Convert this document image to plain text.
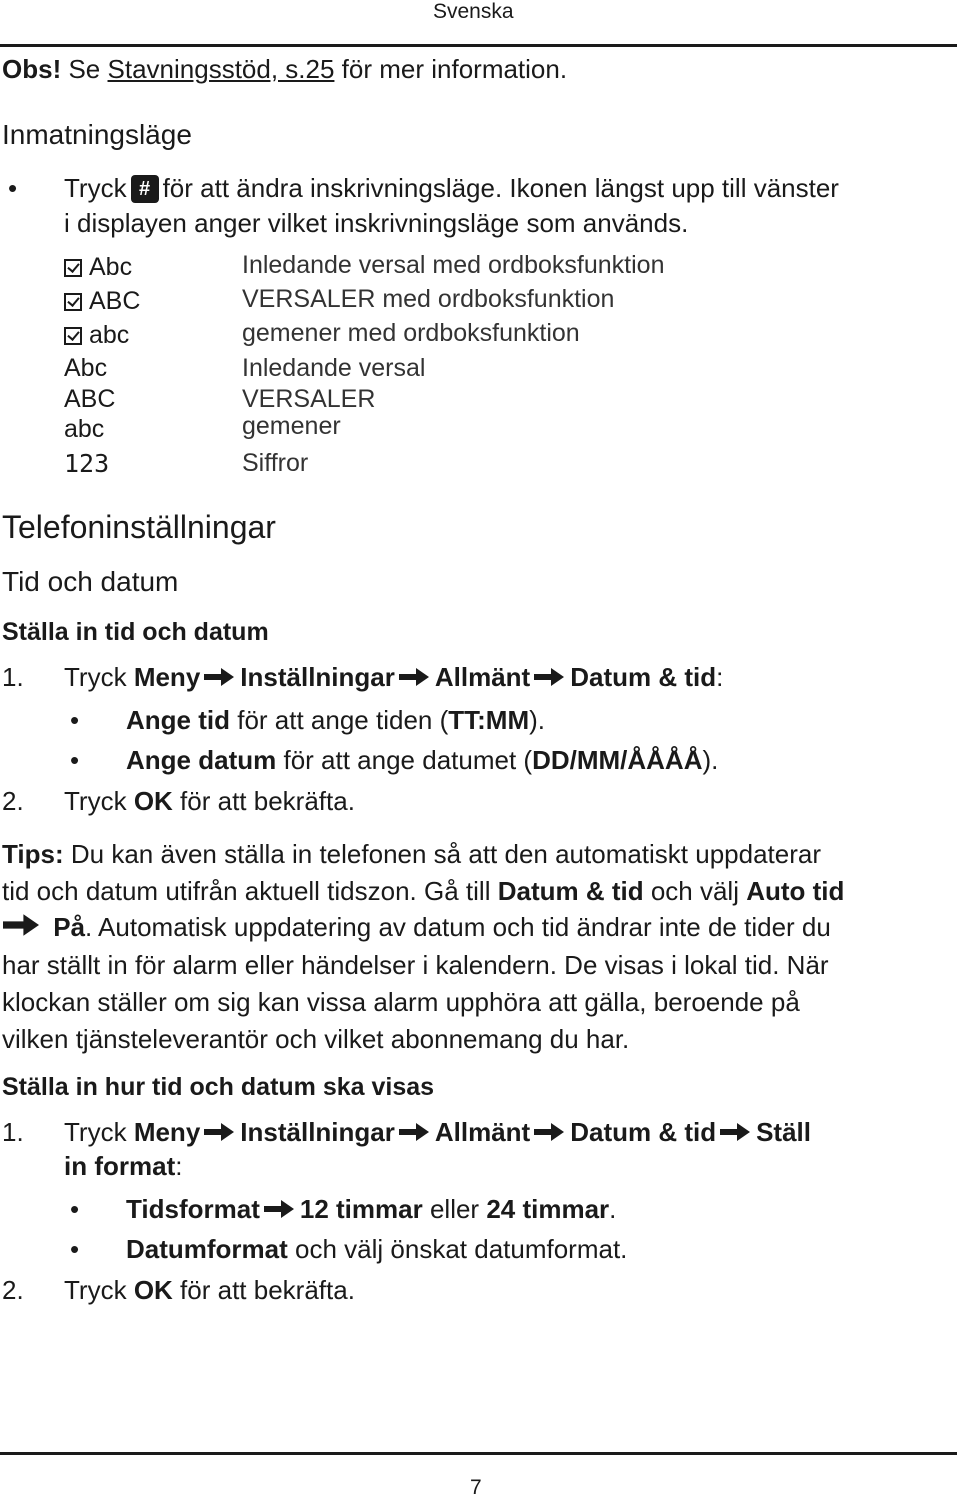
Svenska
Obs! Se Stavningsstöd, s.25 för mer information.
Inmatningsläge
• Tryck # för att ändra inskrivningsläge. Ikonen längst upp till vänster
i displayen anger vilket inskrivningsläge som används.
Abc	Inledande versal med ordboksfunktion
ABC	VERSALER med ordboksfunktion
abc	gemener med ordboksfunktion
Abc	Inledande versal
ABC	VERSALER
abc	gemener
123	Siffror
Telefoninställningar
Tid och datum
Ställa in tid och datum
1. Tryck Meny Inställningar Allmänt Datum & tid:
• Ange tid för att ange tiden (TT:MM).
• Ange datum för att ange datumet (DD/MM/ÅÅÅÅ).
2. Tryck OK för att bekräfta.
Tips: Du kan även ställa in telefonen så att den automatiskt uppdaterar
tid och datum utifrån aktuell tidszon. Gå till Datum & tid och välj Auto tid
På. Automatisk uppdatering av datum och tid ändrar inte de tider du
har ställt in för alarm eller händelser i kalendern. De visas i lokal tid. När
klockan ställer om sig kan vissa alarm upphöra att gälla, beroende på
vilken tjänsteleverantör och vilket abonnemang du har.
Ställa in hur tid och datum ska visas
1. Tryck Meny Inställningar Allmänt Datum & tid Ställ
in format:
• Tidsformat 12 timmar eller 24 timmar.
• Datumformat och välj önskat datumformat.
2. Tryck OK för att bekräfta.
7
